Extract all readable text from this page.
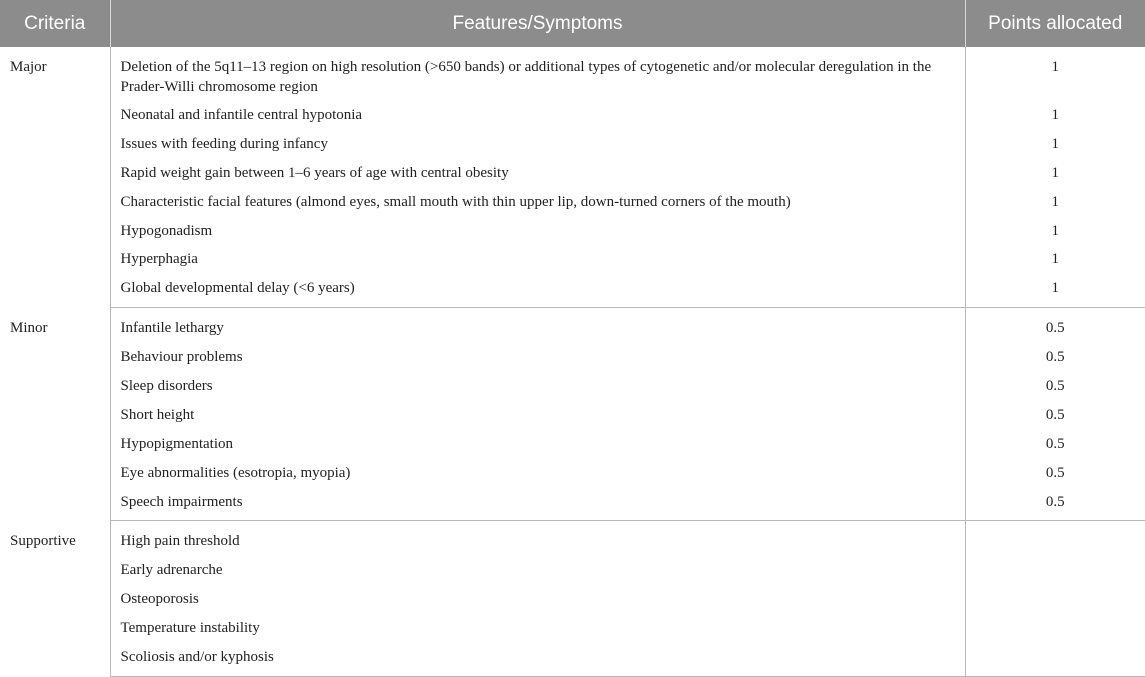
Criteria	Features/Symptoms	Points allocated

Major	Deletion of the 5q11–13 region on high resolution (>650 bands) or additional types of cytogenetic and/or molecular deregulation in the Prader-Willi chromosome region	1

	Neonatal and infantile central hypotonia	1

	Issues with feeding during infancy	1

	Rapid weight gain between 1–6 years of age with central obesity	1

	Characteristic facial features (almond eyes, small mouth with thin upper lip, down-turned corners of the mouth)	1

	Hypogonadism	1

	Hyperphagia	1

	Global developmental delay (<6 years)	1

Minor	Infantile lethargy	0.5

	Behaviour problems	0.5

	Sleep disorders	0.5

	Short height	0.5

	Hypopigmentation	0.5

	Eye abnormalities (esotropia, myopia)	0.5

	Speech impairments	0.5

Supportive	High pain threshold	

	Early adrenarche	

	Osteoporosis	

	Temperature instability	

	Scoliosis and/or kyphosis	
